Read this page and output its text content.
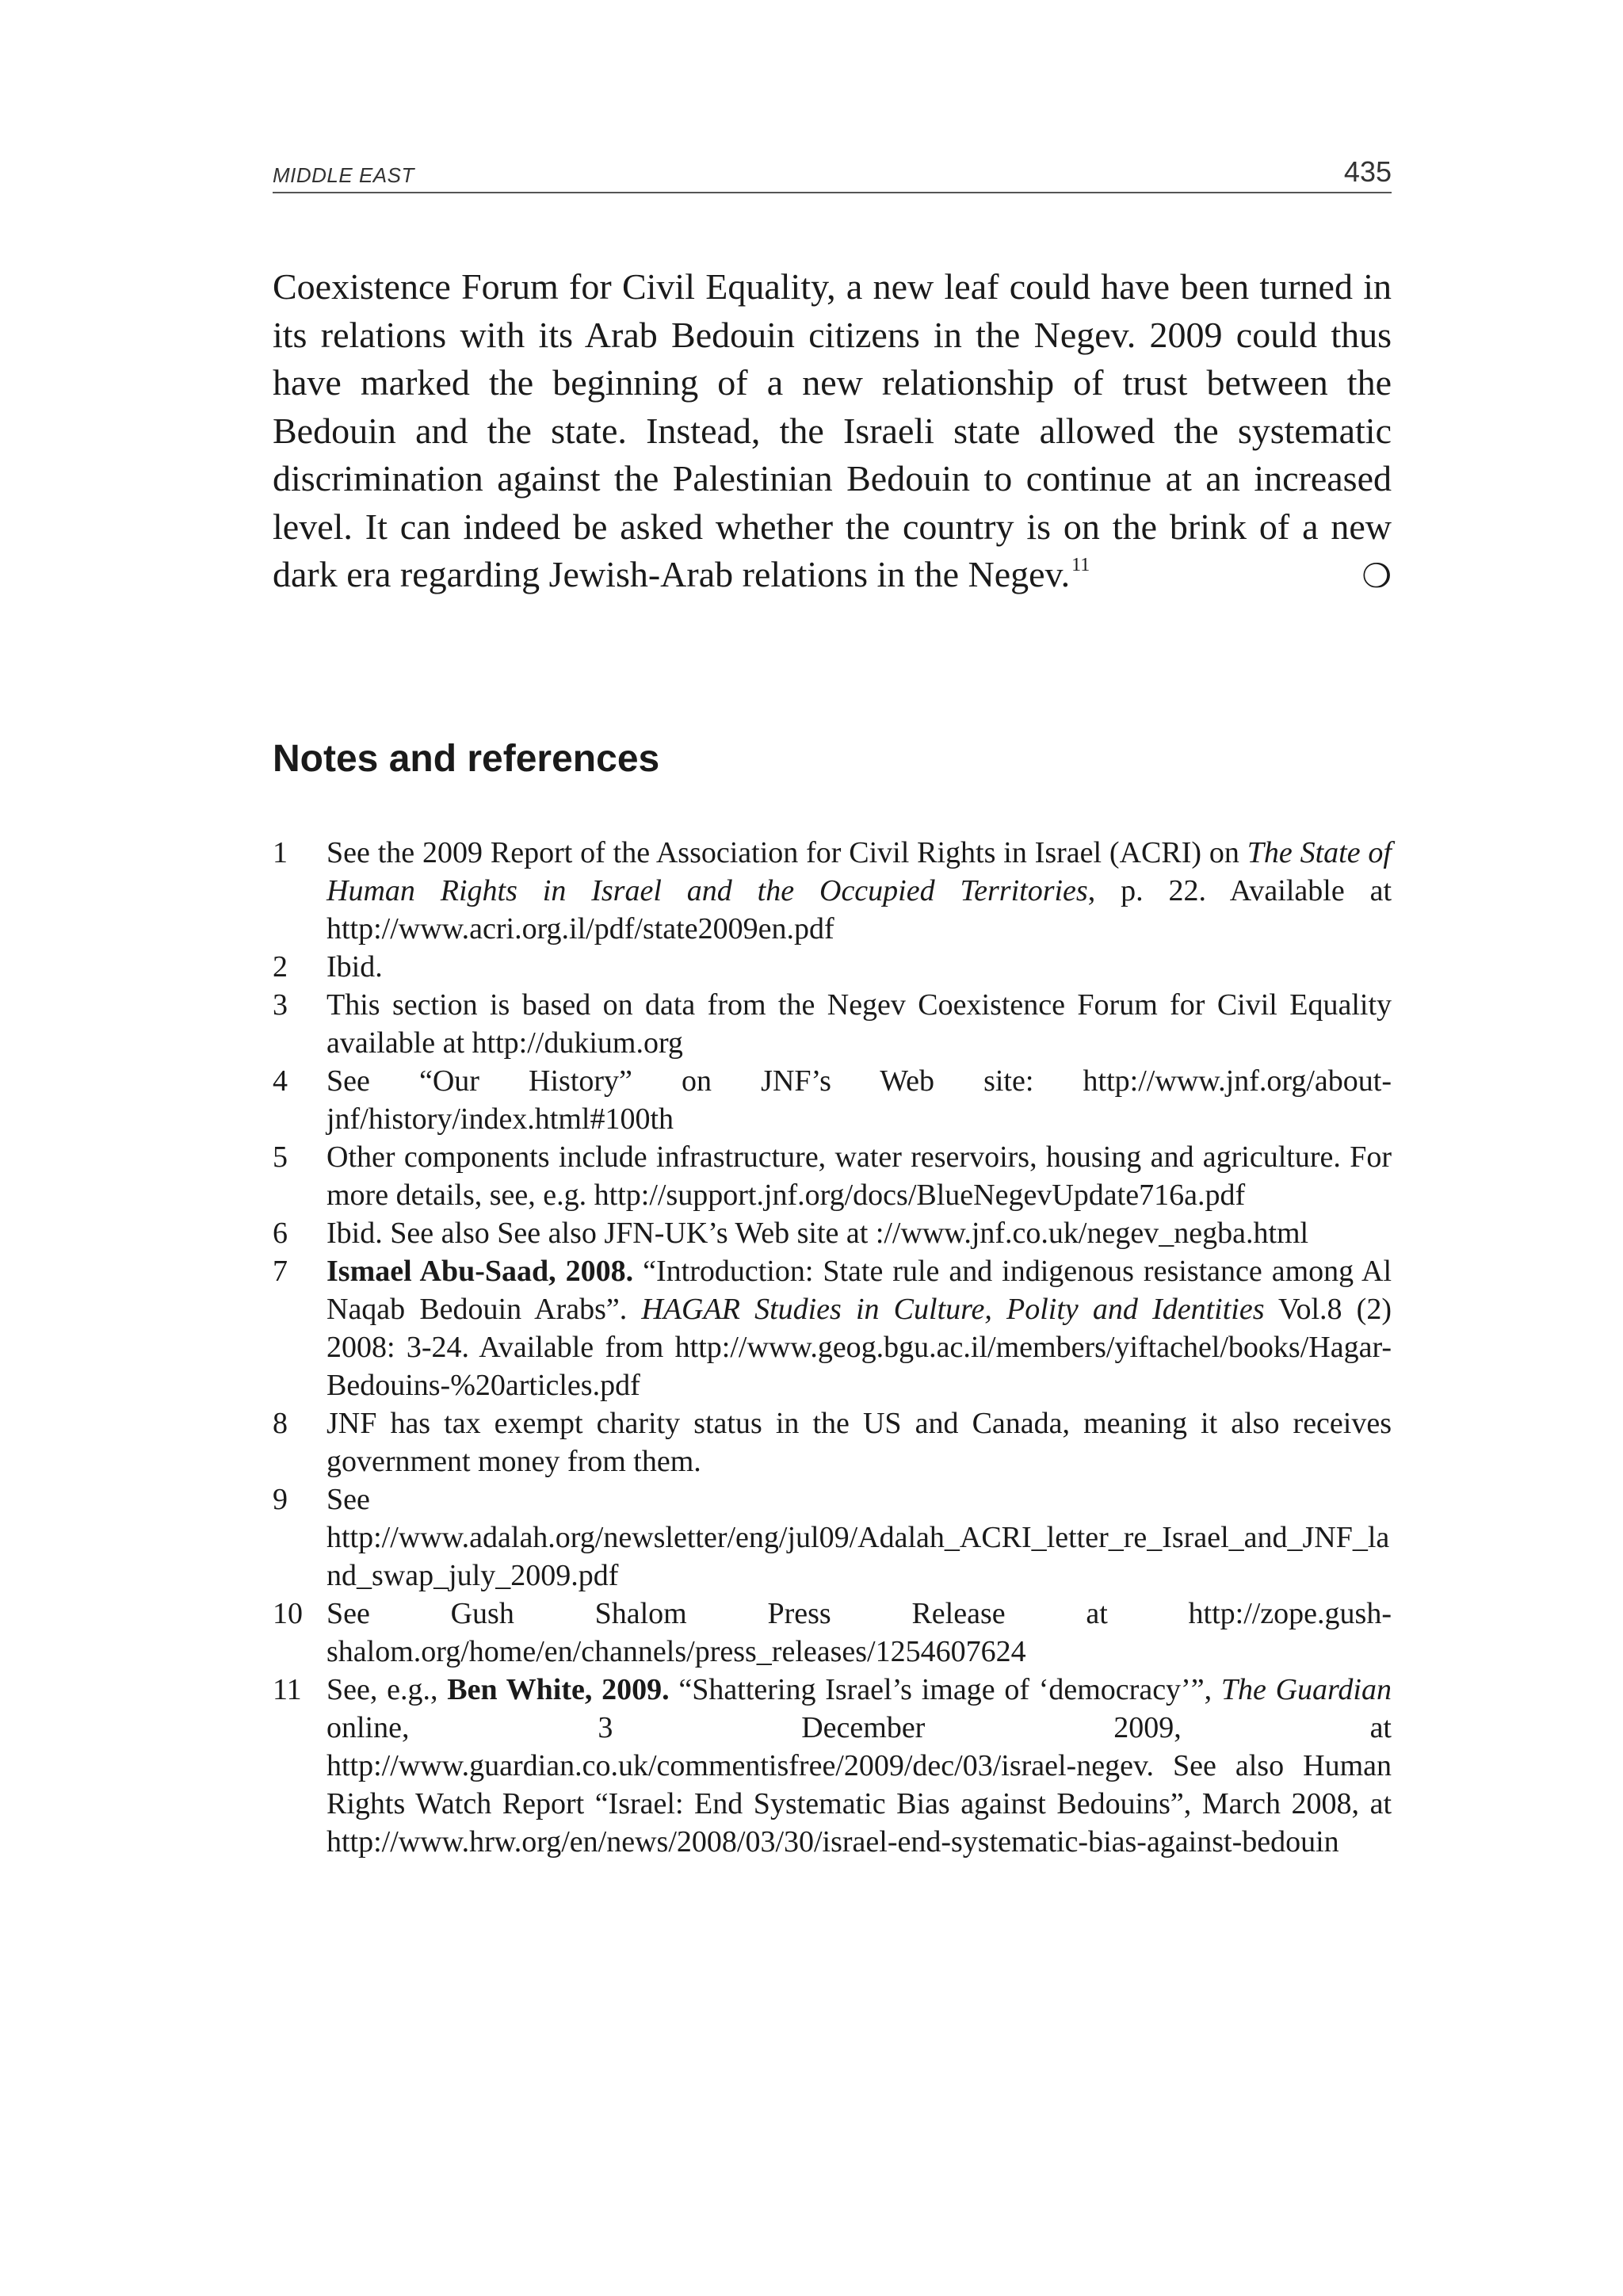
MIDDLE EAST	435

Coexistence Forum for Civil Equality, a new leaf could have been turned in its relations with its Arab Bedouin citizens in the Negev. 2009 could thus have marked the beginning of a new relationship of trust between the Bedouin and the state. Instead, the Israeli state allowed the systematic discrimination against the Palestinian Bedouin to continue at an increased level. It can indeed be asked whether the country is on the brink of a new dark era regarding Jewish-Arab relations in the Negev.$^{11}$	❍

Notes and references
1 See the 2009 Report of the Association for Civil Rights in Israel (ACRI) on The State of Human Rights in Israel and the Occupied Territories, p. 22. Available at http://www.acri.org.il/pdf/state2009en.pdf
2 Ibid.
3 This section is based on data from the Negev Coexistence Forum for Civil Equality available at http://dukium.org
4 See “Our History” on JNF’s Web site: http://www.jnf.org/about-jnf/history/index.html#100th
5 Other components include infrastructure, water reservoirs, housing and agriculture. For more details, see, e.g. http://support.jnf.org/docs/BlueNegevUpdate716a.pdf
6 Ibid. See also See also JFN-UK’s Web site at ://www.jnf.co.uk/negev_negba.html
7 Ismael Abu-Saad, 2008. “Introduction: State rule and indigenous resistance among Al Naqab Bedouin Arabs”. HAGAR Studies in Culture, Polity and Identities Vol.8 (2) 2008: 3-24. Available from http://www.geog.bgu.ac.il/members/yiftachel/books/Hagar-Bedouins-%20articles.pdf
8 JNF has tax exempt charity status in the US and Canada, meaning it also receives government money from them.
9 See http://www.adalah.org/newsletter/eng/jul09/Adalah_ACRI_letter_re_Israel_and_JNF_land_swap_july_2009.pdf
10 See Gush Shalom Press Release at http://zope.gush-shalom.org/home/en/channels/press_releases/1254607624
11 See, e.g., Ben White, 2009. “Shattering Israel’s image of ‘democracy’”, The Guardian online, 3 December 2009, at http://www.guardian.co.uk/commentisfree/2009/dec/03/israel-negev. See also Human Rights Watch Report “Israel: End Systematic Bias against Bedouins”, March 2008, at http://www.hrw.org/en/news/2008/03/30/israel-end-systematic-bias-against-bedouin
